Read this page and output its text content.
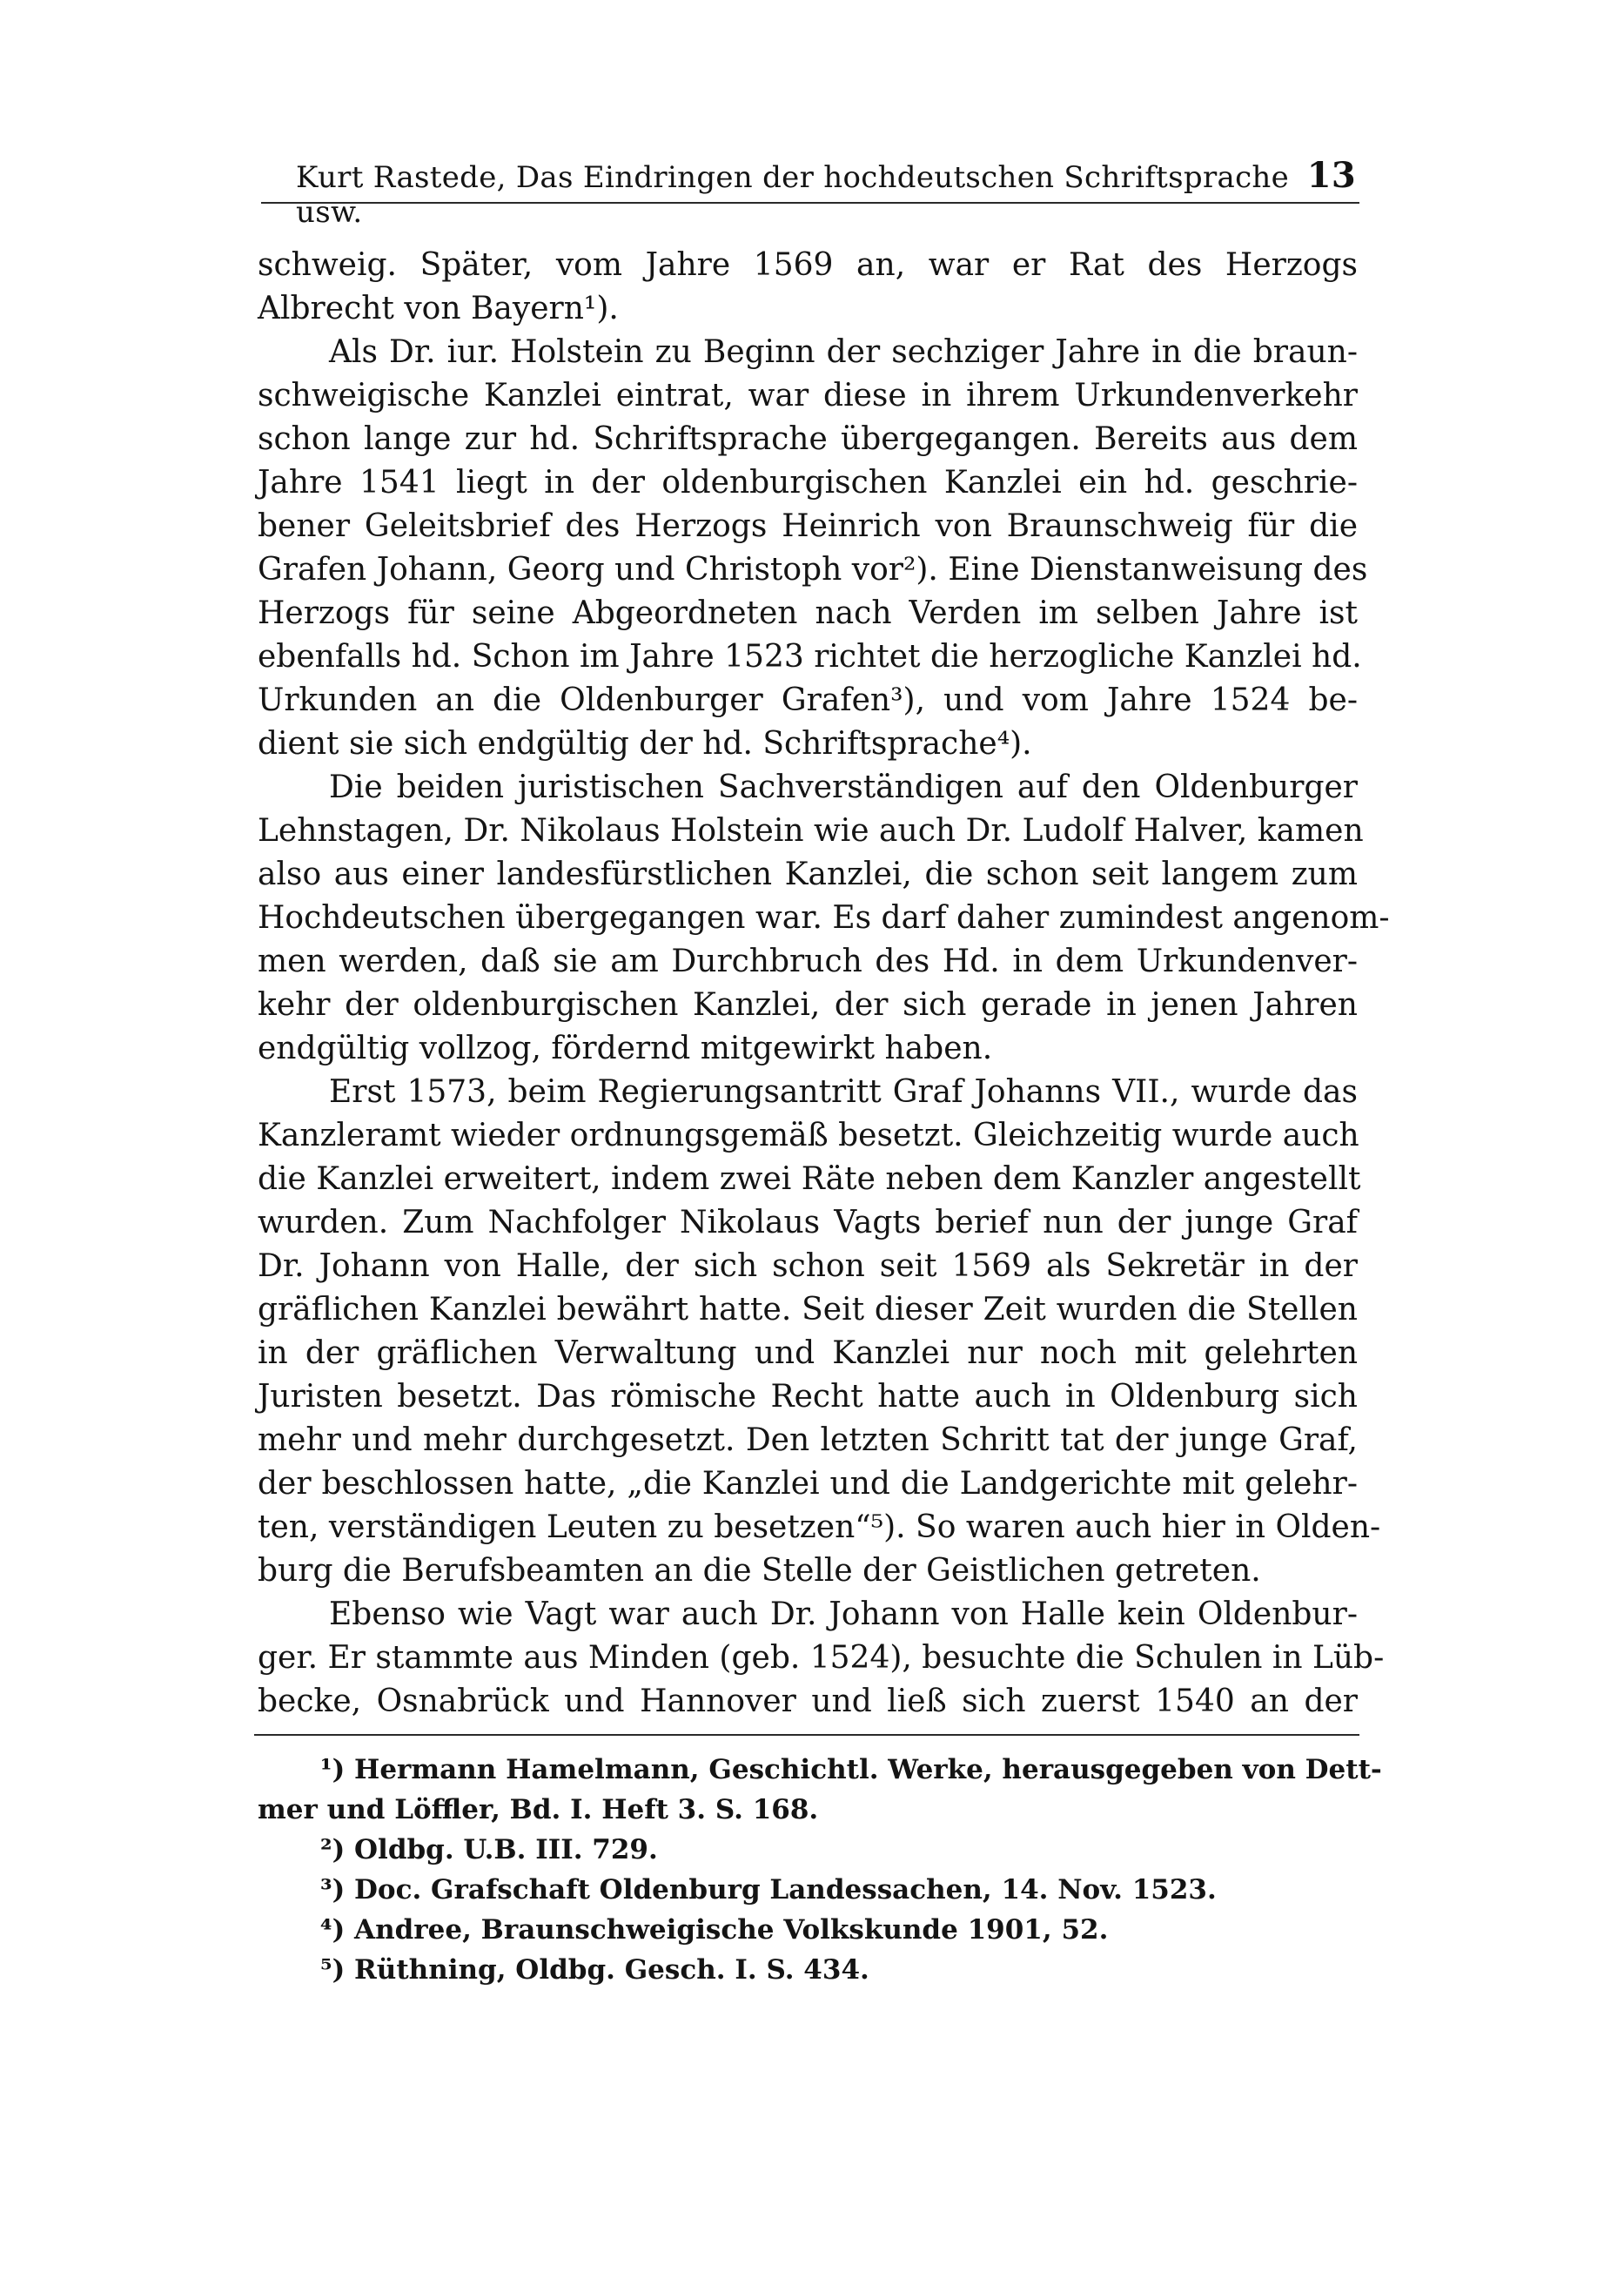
Kurt Rastede, Das Eindringen der hochdeutschen Schriftsprache usw.
13
schweig. Später, vom Jahre 1569 an, war er Rat des Herzogs
Albrecht von Bayern¹).
Als Dr. iur. Holstein zu Beginn der sechziger Jahre in die braun-
schweigische Kanzlei eintrat, war diese in ihrem Urkundenverkehr
schon lange zur hd. Schriftsprache übergegangen. Bereits aus dem
Jahre 1541 liegt in der oldenburgischen Kanzlei ein hd. geschrie-
bener Geleitsbrief des Herzogs Heinrich von Braunschweig für die
Grafen Johann, Georg und Christoph vor²). Eine Dienstanweisung des
Herzogs für seine Abgeordneten nach Verden im selben Jahre ist
ebenfalls hd. Schon im Jahre 1523 richtet die herzogliche Kanzlei hd.
Urkunden an die Oldenburger Grafen³), und vom Jahre 1524 be-
dient sie sich endgültig der hd. Schriftsprache⁴).
Die beiden juristischen Sachverständigen auf den Oldenburger
Lehnstagen, Dr. Nikolaus Holstein wie auch Dr. Ludolf Halver, kamen
also aus einer landesfürstlichen Kanzlei, die schon seit langem zum
Hochdeutschen übergegangen war. Es darf daher zumindest angenom-
men werden, daß sie am Durchbruch des Hd. in dem Urkundenver-
kehr der oldenburgischen Kanzlei, der sich gerade in jenen Jahren
endgültig vollzog, fördernd mitgewirkt haben.
Erst 1573, beim Regierungsantritt Graf Johanns VII., wurde das
Kanzleramt wieder ordnungsgemäß besetzt. Gleichzeitig wurde auch
die Kanzlei erweitert, indem zwei Räte neben dem Kanzler angestellt
wurden. Zum Nachfolger Nikolaus Vagts berief nun der junge Graf
Dr. Johann von Halle, der sich schon seit 1569 als Sekretär in der
gräflichen Kanzlei bewährt hatte. Seit dieser Zeit wurden die Stellen
in der gräflichen Verwaltung und Kanzlei nur noch mit gelehrten
Juristen besetzt. Das römische Recht hatte auch in Oldenburg sich
mehr und mehr durchgesetzt. Den letzten Schritt tat der junge Graf,
der beschlossen hatte, „die Kanzlei und die Landgerichte mit gelehr-
ten, verständigen Leuten zu besetzen“⁵). So waren auch hier in Olden-
burg die Berufsbeamten an die Stelle der Geistlichen getreten.
Ebenso wie Vagt war auch Dr. Johann von Halle kein Oldenbur-
ger. Er stammte aus Minden (geb. 1524), besuchte die Schulen in Lüb-
becke, Osnabrück und Hannover und ließ sich zuerst 1540 an der
¹) Hermann Hamelmann, Geschichtl. Werke, herausgegeben von Dett-
mer und Löffler, Bd. I. Heft 3. S. 168.
²) Oldbg. U.B. III. 729.
³) Doc. Grafschaft Oldenburg Landessachen, 14. Nov. 1523.
⁴) Andree, Braunschweigische Volkskunde 1901, 52.
⁵) Rüthning, Oldbg. Gesch. I. S. 434.
